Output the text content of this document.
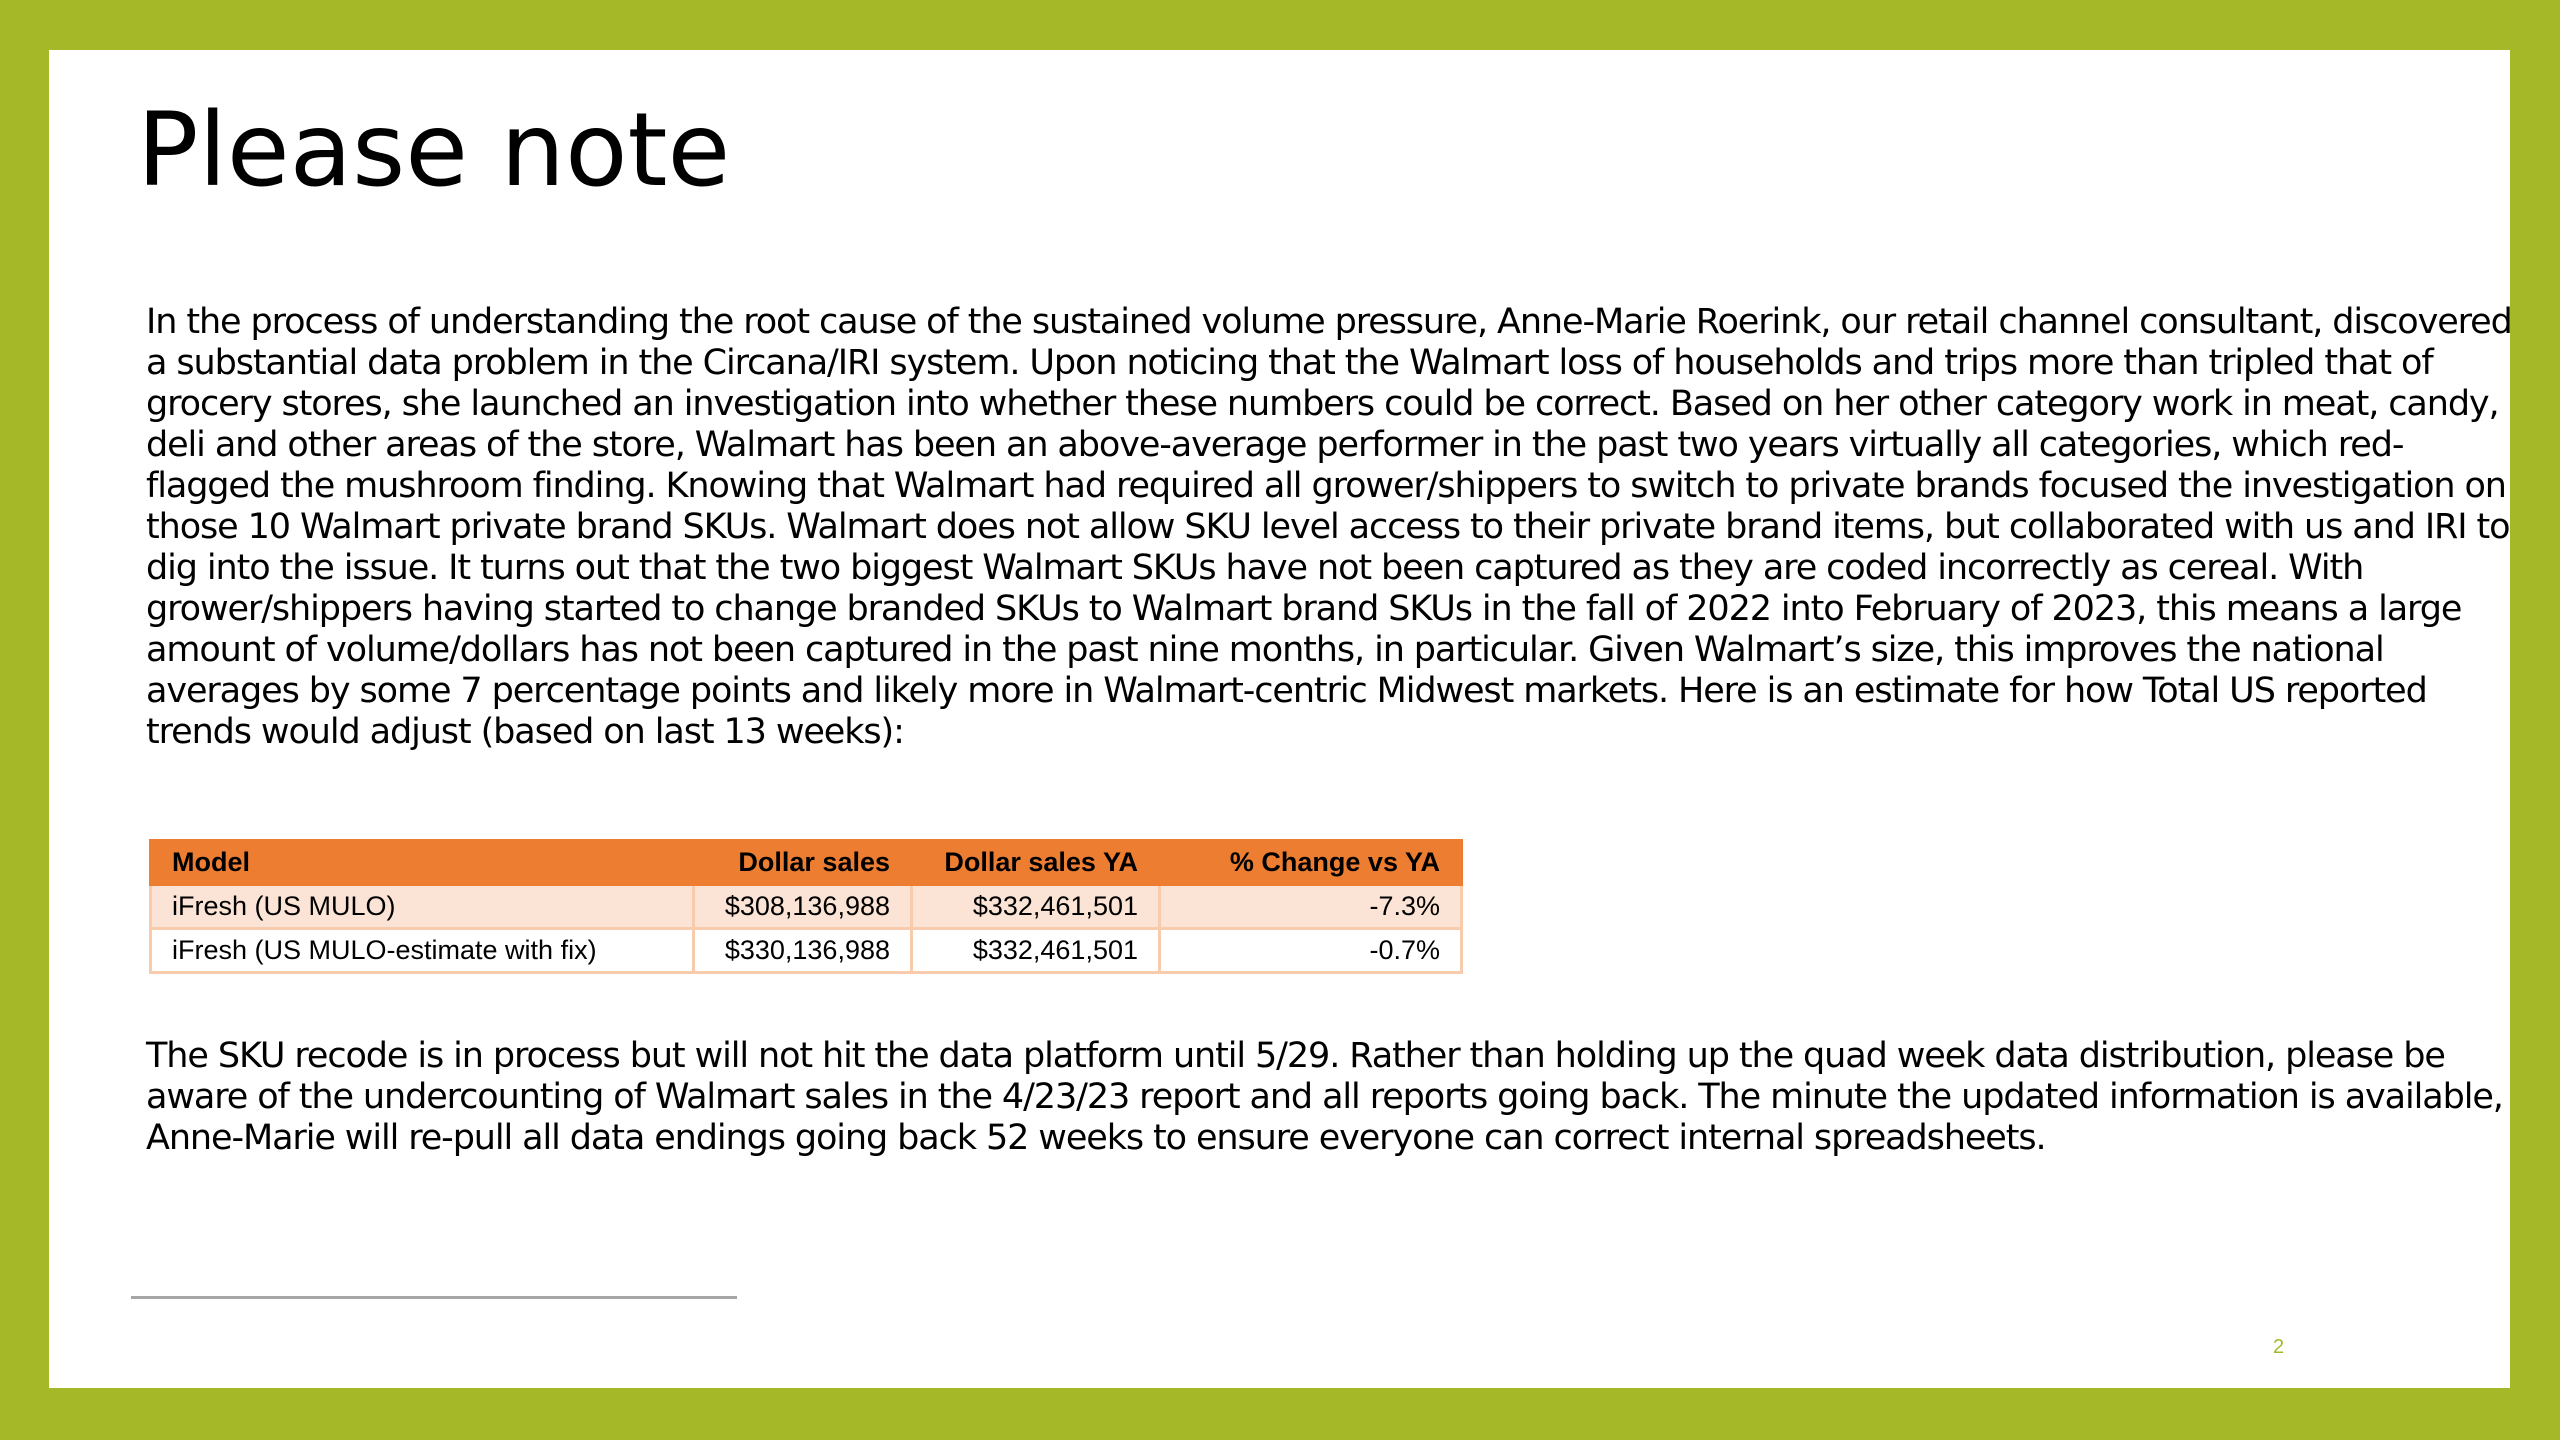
Please note

In the process of understanding the root cause of the sustained volume pressure, Anne-Marie Roerink, our retail channel consultant, discovered a substantial data problem in the Circana/IRI system. Upon noticing that the Walmart loss of households and trips more than tripled that of grocery stores, she launched an investigation into whether these numbers could be correct. Based on her other category work in meat, candy, deli and other areas of the store, Walmart has been an above-average performer in the past two years virtually all categories, which red-flagged the mushroom finding. Knowing that Walmart had required all grower/shippers to switch to private brands focused the investigation on those 10 Walmart private brand SKUs. Walmart does not allow SKU level access to their private brand items, but collaborated with us and IRI to dig into the issue. It turns out that the two biggest Walmart SKUs have not been captured as they are coded incorrectly as cereal. With grower/shippers having started to change branded SKUs to Walmart brand SKUs in the fall of 2022 into February of 2023, this means a large amount of volume/dollars has not been captured in the past nine months, in particular. Given Walmart’s size, this improves the national averages by some 7 percentage points and likely more in Walmart-centric Midwest markets. Here is an estimate for how Total US reported trends would adjust (based on last 13 weeks):

Model	Dollar sales	Dollar sales YA	% Change vs YA
iFresh (US MULO)	$308,136,988	$332,461,501	-7.3%
iFresh (US MULO-estimate with fix)	$330,136,988	$332,461,501	-0.7%

The SKU recode is in process but will not hit the data platform until 5/29. Rather than holding up the quad week data distribution, please be aware of the undercounting of Walmart sales in the 4/23/23 report and all reports going back. The minute the updated information is available, Anne-Marie will re-pull all data endings going back 52 weeks to ensure everyone can correct internal spreadsheets.

2
